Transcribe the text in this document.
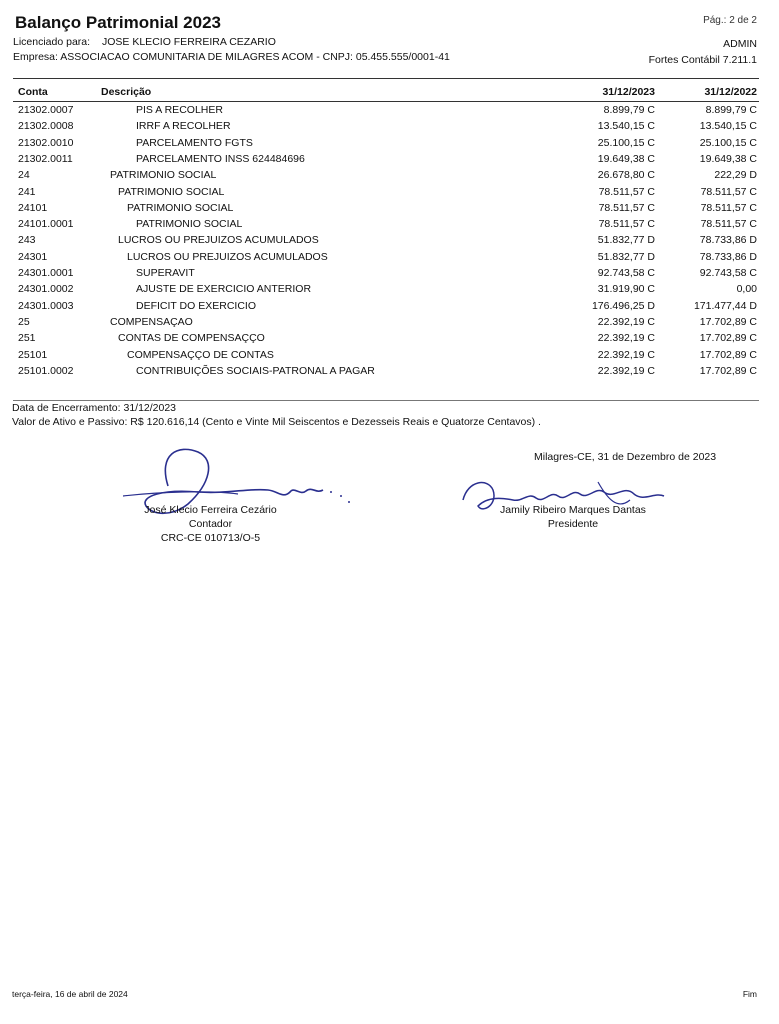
Balanço Patrimonial 2023	Pág.: 2 de 2
Licenciado para: JOSE KLECIO FERREIRA CEZARIO
Empresa: ASSOCIACAO COMUNITARIA DE MILAGRES ACOM - CNPJ: 05.455.555/0001-41
ADMIN
Fortes Contábil 7.211.1
Conta	Descrição	31/12/2023	31/12/2022
21302.0007	PIS A RECOLHER	8.899,79 C	8.899,79 C
21302.0008	IRRF A RECOLHER	13.540,15 C	13.540,15 C
21302.0010	PARCELAMENTO FGTS	25.100,15 C	25.100,15 C
21302.0011	PARCELAMENTO INSS 624484696	19.649,38 C	19.649,38 C
24	PATRIMONIO SOCIAL	26.678,80 C	222,29 D
241	PATRIMONIO SOCIAL	78.511,57 C	78.511,57 C
24101	PATRIMONIO SOCIAL	78.511,57 C	78.511,57 C
24101.0001	PATRIMONIO SOCIAL	78.511,57 C	78.511,57 C
243	LUCROS OU PREJUIZOS ACUMULADOS	51.832,77 D	78.733,86 D
24301	LUCROS OU PREJUIZOS ACUMULADOS	51.832,77 D	78.733,86 D
24301.0001	SUPERAVIT	92.743,58 C	92.743,58 C
24301.0002	AJUSTE DE EXERCICIO ANTERIOR	31.919,90 C	0,00
24301.0003	DEFICIT DO EXERCICIO	176.496,25 D	171.477,44 D
25	COMPENSAÇAO	22.392,19 C	17.702,89 C
251	CONTAS DE COMPENSAÇÇO	22.392,19 C	17.702,89 C
25101	COMPENSAÇÇO DE CONTAS	22.392,19 C	17.702,89 C
25101.0002	CONTRIBUIÇÕES SOCIAIS-PATRONAL A PAGAR	22.392,19 C	17.702,89 C
Data de Encerramento: 31/12/2023
Valor de Ativo e Passivo: R$ 120.616,14 (Cento e Vinte Mil Seiscentos e Dezesseis Reais e Quatorze Centavos) .
Milagres-CE, 31 de Dezembro de 2023
José Klecio Ferreira Cezário
Contador
CRC-CE 010713/O-5
Jamily Ribeiro Marques Dantas
Presidente
terça-feira, 16 de abril de 2024	Fim
